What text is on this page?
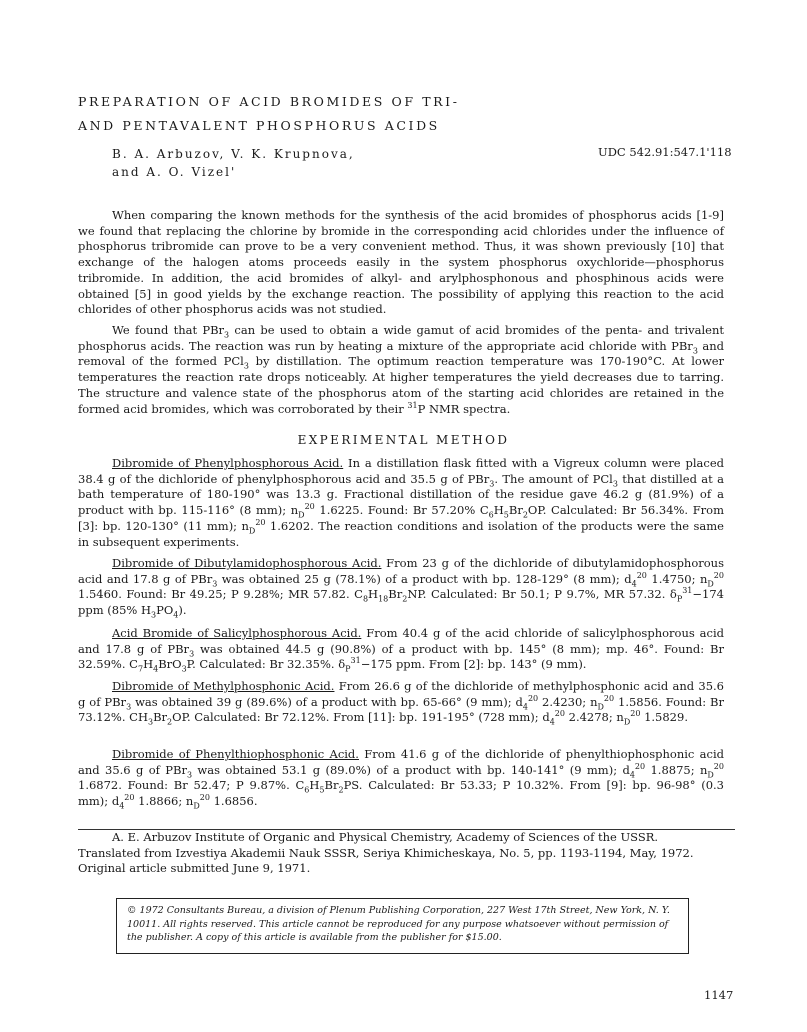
PREPARATION OF ACID BROMIDES OF TRI-
AND PENTAVALENT PHOSPHORUS ACIDS
B. A. Arbuzov, V. K. Krupnova,
and A. O. Vizel'
UDC 542.91:547.1'118

When comparing the known methods for the synthesis of the acid bromides of phosphorus acids [1-9] we found that replacing the chlorine by bromide in the corresponding acid chlorides under the influence of phosphorus tribromide can prove to be a very convenient method. Thus, it was shown previously [10] that exchange of the halogen atoms proceeds easily in the system phosphorus oxychloride—phosphorus tribromide. In addition, the acid bromides of alkyl- and arylphosphonous and phosphinous acids were obtained [5] in good yields by the exchange reaction. The possibility of applying this reaction to the acid chlorides of other phosphorus acids was not studied.

We found that PBr$_3$ can be used to obtain a wide gamut of acid bromides of the penta- and trivalent phosphorus acids. The reaction was run by heating a mixture of the appropriate acid chloride with PBr$_3$ and removal of the formed PCl$_3$ by distillation. The optimum reaction temperature was 170-190°C. At lower temperatures the reaction rate drops noticeably. At higher temperatures the yield decreases due to tarring. The structure and valence state of the phosphorus atom of the starting acid chlorides are retained in the formed acid bromides, which was corroborated by their $^{31}$P NMR spectra.

EXPERIMENTAL METHOD

Dibromide of Phenylphosphorous Acid. In a distillation flask fitted with a Vigreux column were placed 38.4 g of the dichloride of phenylphosphorous acid and 35.5 g of PBr$_3$. The amount of PCl$_3$ that distilled at a bath temperature of 180-190° was 13.3 g. Fractional distillation of the residue gave 46.2 g (81.9%) of a product with bp. 115-116° (8 mm); $n_D^{20}$ 1.6225. Found: Br 57.20% $C_6H_5Br_2OP$. Calculated: Br 56.34%. From [3]: bp. 120-130° (11 mm); $n_D^{20}$ 1.6202. The reaction conditions and isolation of the products were the same in subsequent experiments.

Dibromide of Dibutylamidophosphorous Acid. From 23 g of the dichloride of dibutylamidophosphorous acid and 17.8 g of PBr$_3$ was obtained 25 g (78.1%) of a product with bp. 128-129° (8 mm); $d_4^{20}$ 1.4750; $n_D^{20}$ 1.5460. Found: Br 49.25; P 9.28%; MR 57.82. $C_8H_{18}Br_2NP$. Calculated: Br 50.1; P 9.7%, MR 57.32. $\delta_P^{31}-174$ ppm (85% $H_3PO_4$).

Acid Bromide of Salicylphosphorous Acid. From 40.4 g of the acid chloride of salicylphosphorous acid and 17.8 g of PBr$_3$ was obtained 44.5 g (90.8%) of a product with bp. 145° (8 mm); mp. 46°. Found: Br 32.59%. $C_7H_4BrO_3P$. Calculated: Br 32.35%. $\delta_P^{31}-175$ ppm. From [2]: bp. 143° (9 mm).

Dibromide of Methylphosphonic Acid. From 26.6 g of the dichloride of methylphosphonic acid and 35.6 g of PBr$_3$ was obtained 39 g (89.6%) of a product with bp. 65-66° (9 mm); $d_4^{20}$ 2.4230; $n_D^{20}$ 1.5856. Found: Br 73.12%. $CH_3Br_2OP$. Calculated: Br 72.12%. From [11]: bp. 191-195° (728 mm); $d_4^{20}$ 2.4278; $n_D^{20}$ 1.5829.

Dibromide of Phenylthiophosphonic Acid. From 41.6 g of the dichloride of phenylthiophosphonic acid and 35.6 g of PBr$_3$ was obtained 53.1 g (89.0%) of a product with bp. 140-141° (9 mm); $d_4^{20}$ 1.8875; $n_D^{20}$ 1.6872. Found: Br 52.47; P 9.87%. $C_6H_5Br_2PS$. Calculated: Br 53.33; P 10.32%. From [9]: bp. 96-98° (0.3 mm); $d_4^{20}$ 1.8866; $n_D^{20}$ 1.6856.

A. E. Arbuzov Institute of Organic and Physical Chemistry, Academy of Sciences of the USSR.
Translated from Izvestiya Akademii Nauk SSSR, Seriya Khimicheskaya, No. 5, pp. 1193-1194, May, 1972.
Original article submitted June 9, 1971.

© 1972 Consultants Bureau, a division of Plenum Publishing Corporation, 227 West 17th Street, New York, N. Y. 10011. All rights reserved. This article cannot be reproduced for any purpose whatsoever without permission of the publisher. A copy of this article is available from the publisher for $15.00.

1147
